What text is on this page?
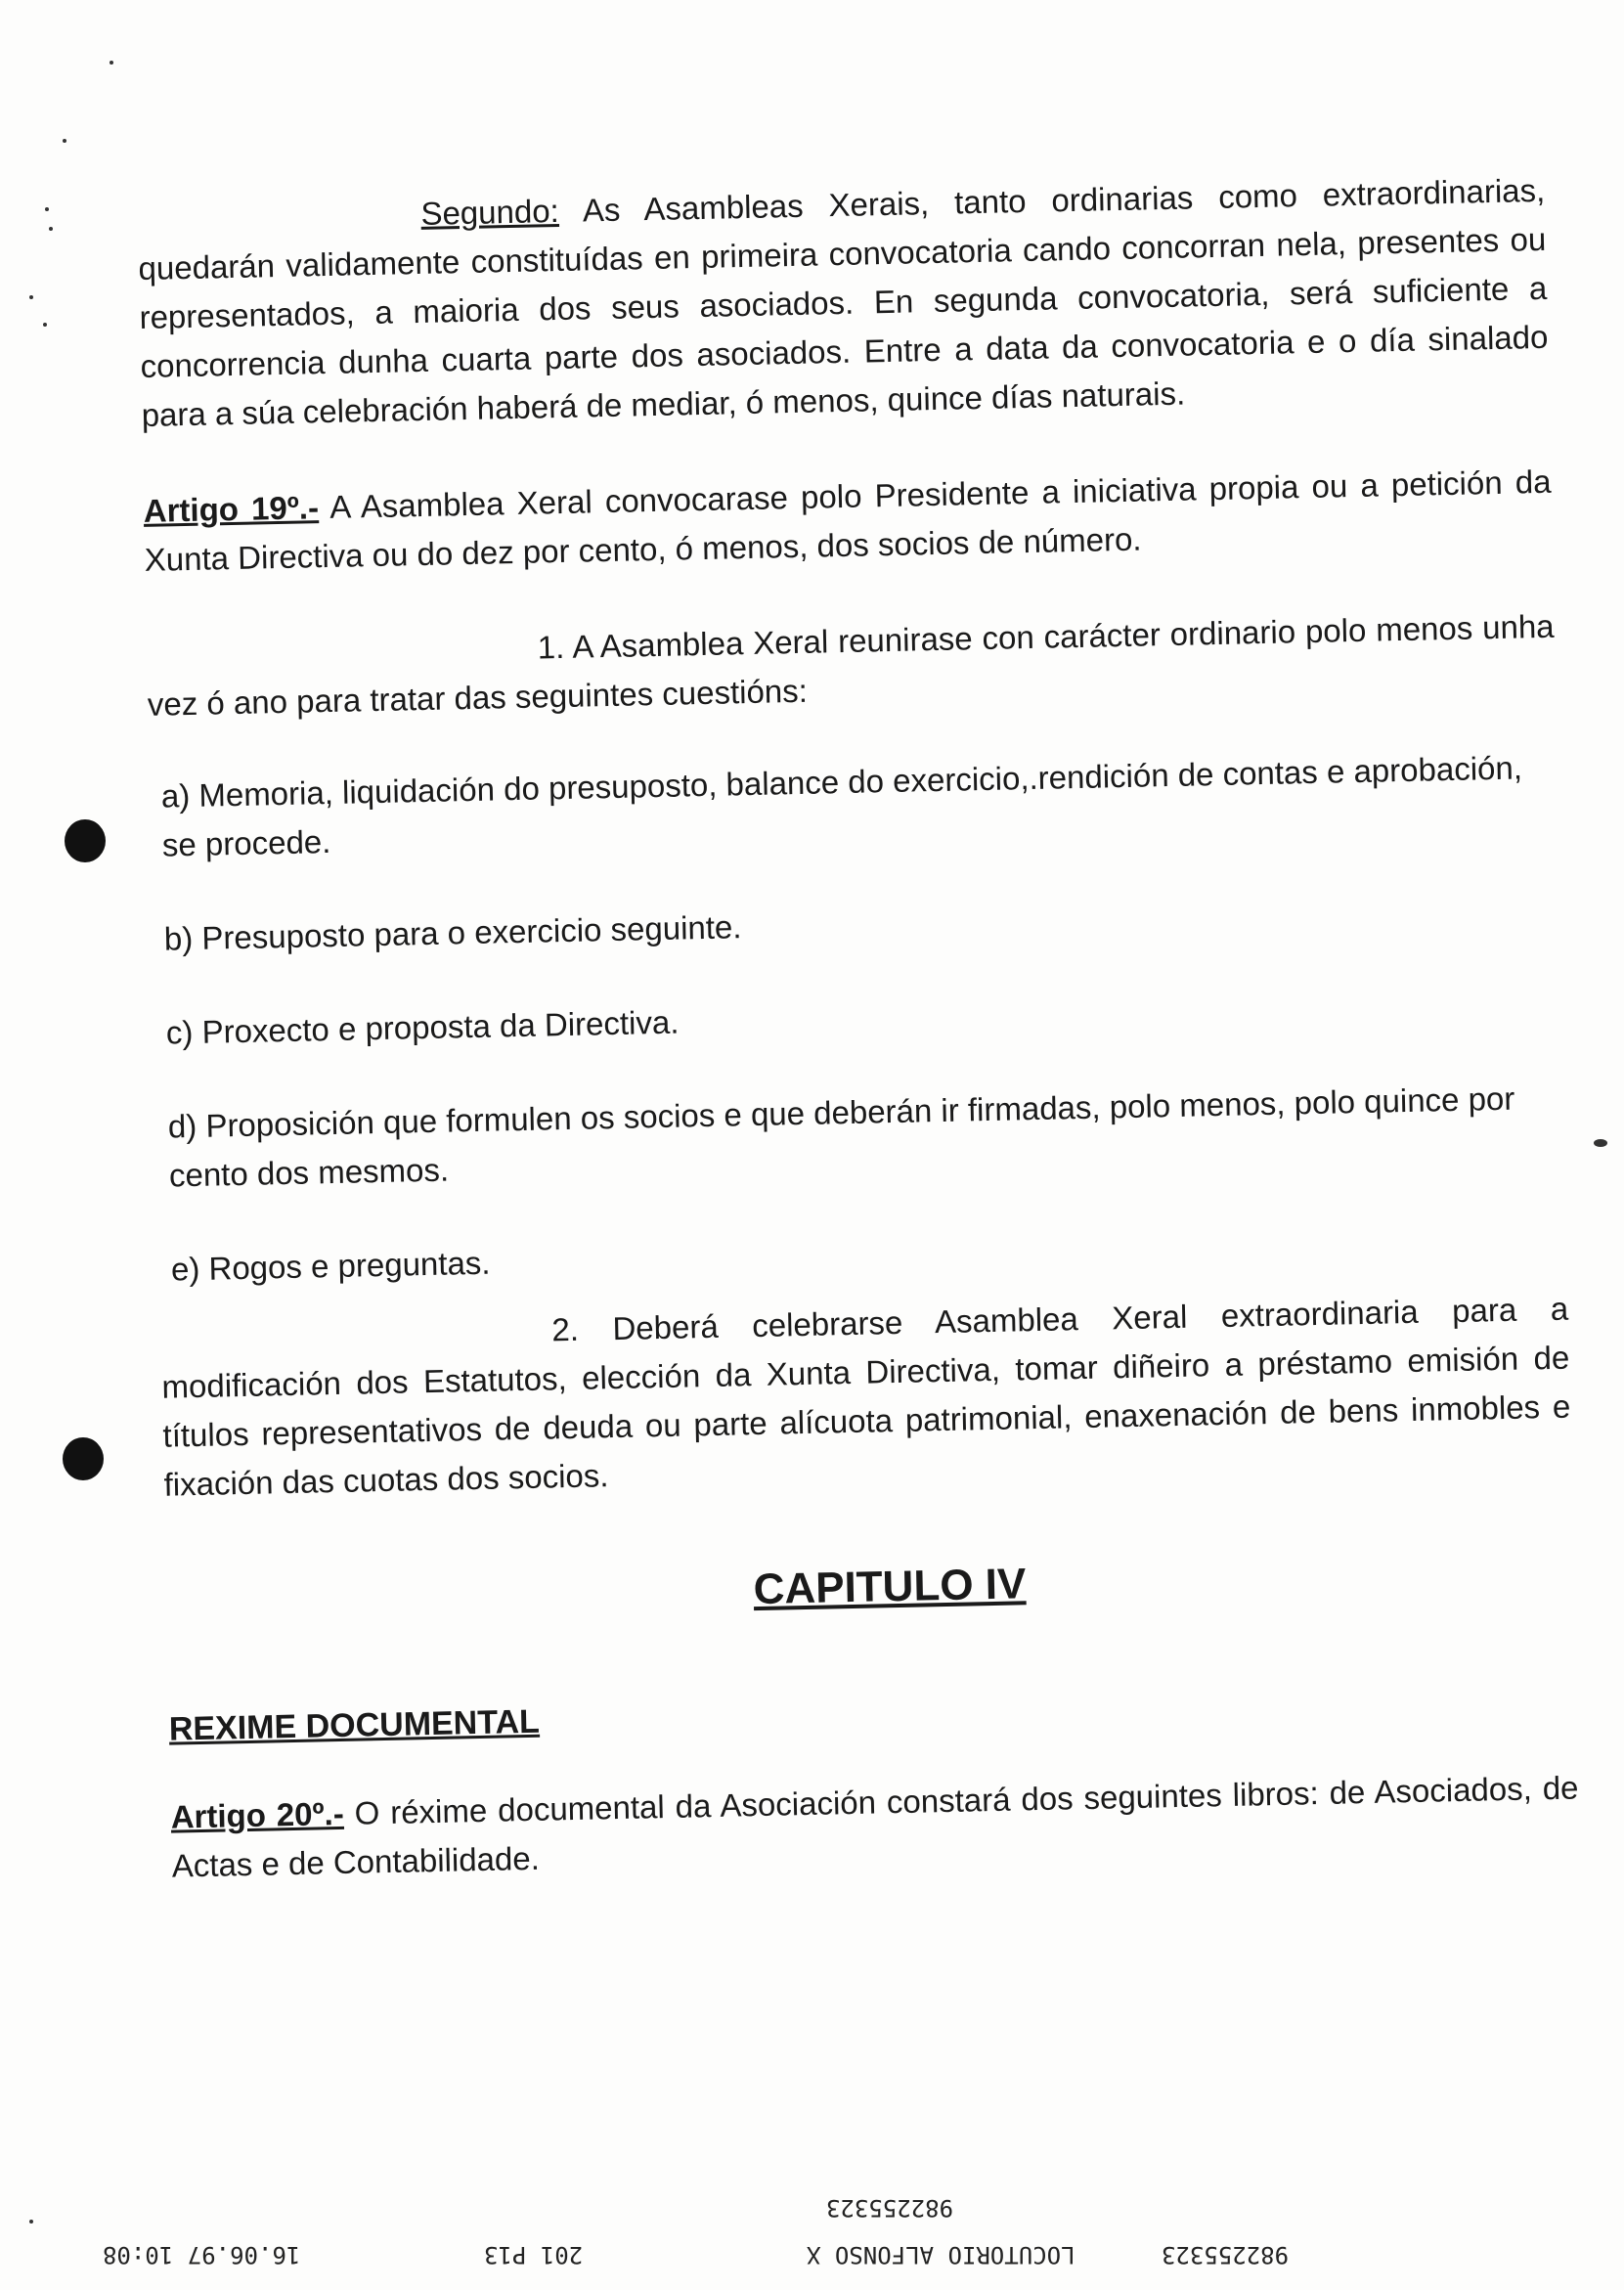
Segundo: As Asambleas Xerais, tanto ordinarias como extraordinarias, quedarán validamente constituídas en primeira convocatoria cando concorran nela, presentes ou representados, a maioria dos seus asociados. En segunda convocatoria, será suficiente a concorrencia dunha cuarta parte dos asociados. Entre a data da convocatoria e o día sinalado para a súa celebración haberá de mediar, ó menos, quince días naturais.

Artigo 19º.- A Asamblea Xeral convocarase polo Presidente a iniciativa propia ou a petición da Xunta Directiva ou do dez por cento, ó menos, dos socios de número.

1. A Asamblea Xeral reunirase con carácter ordinario polo menos unha vez ó ano para tratar das seguintes cuestións:

a) Memoria, liquidación do presuposto, balance do exercicio,.rendición de contas e aprobación, se procede.

b) Presuposto para o exercicio seguinte.

c) Proxecto e proposta da Directiva.

d) Proposición que formulen os socios e que deberán ir firmadas, polo menos, polo quince por cento dos mesmos.

e) Rogos e preguntas.

2. Deberá celebrarse Asamblea Xeral extraordinaria para a modificación dos Estatutos, elección da Xunta Directiva, tomar diñeiro a préstamo emisión de títulos representativos de deuda ou parte alícuota patrimonial, enaxenación de bens inmobles e fixación das cuotas dos socios.

CAPITULO IV

REXIME DOCUMENTAL

Artigo 20º.- O réxime documental da Asociación constará dos seguintes libros: de Asociados, de Actas e de Contabilidade.

982255323
982255323
LOCUTORIO ALFONSO X
201 P13
16.06.97 10:08
